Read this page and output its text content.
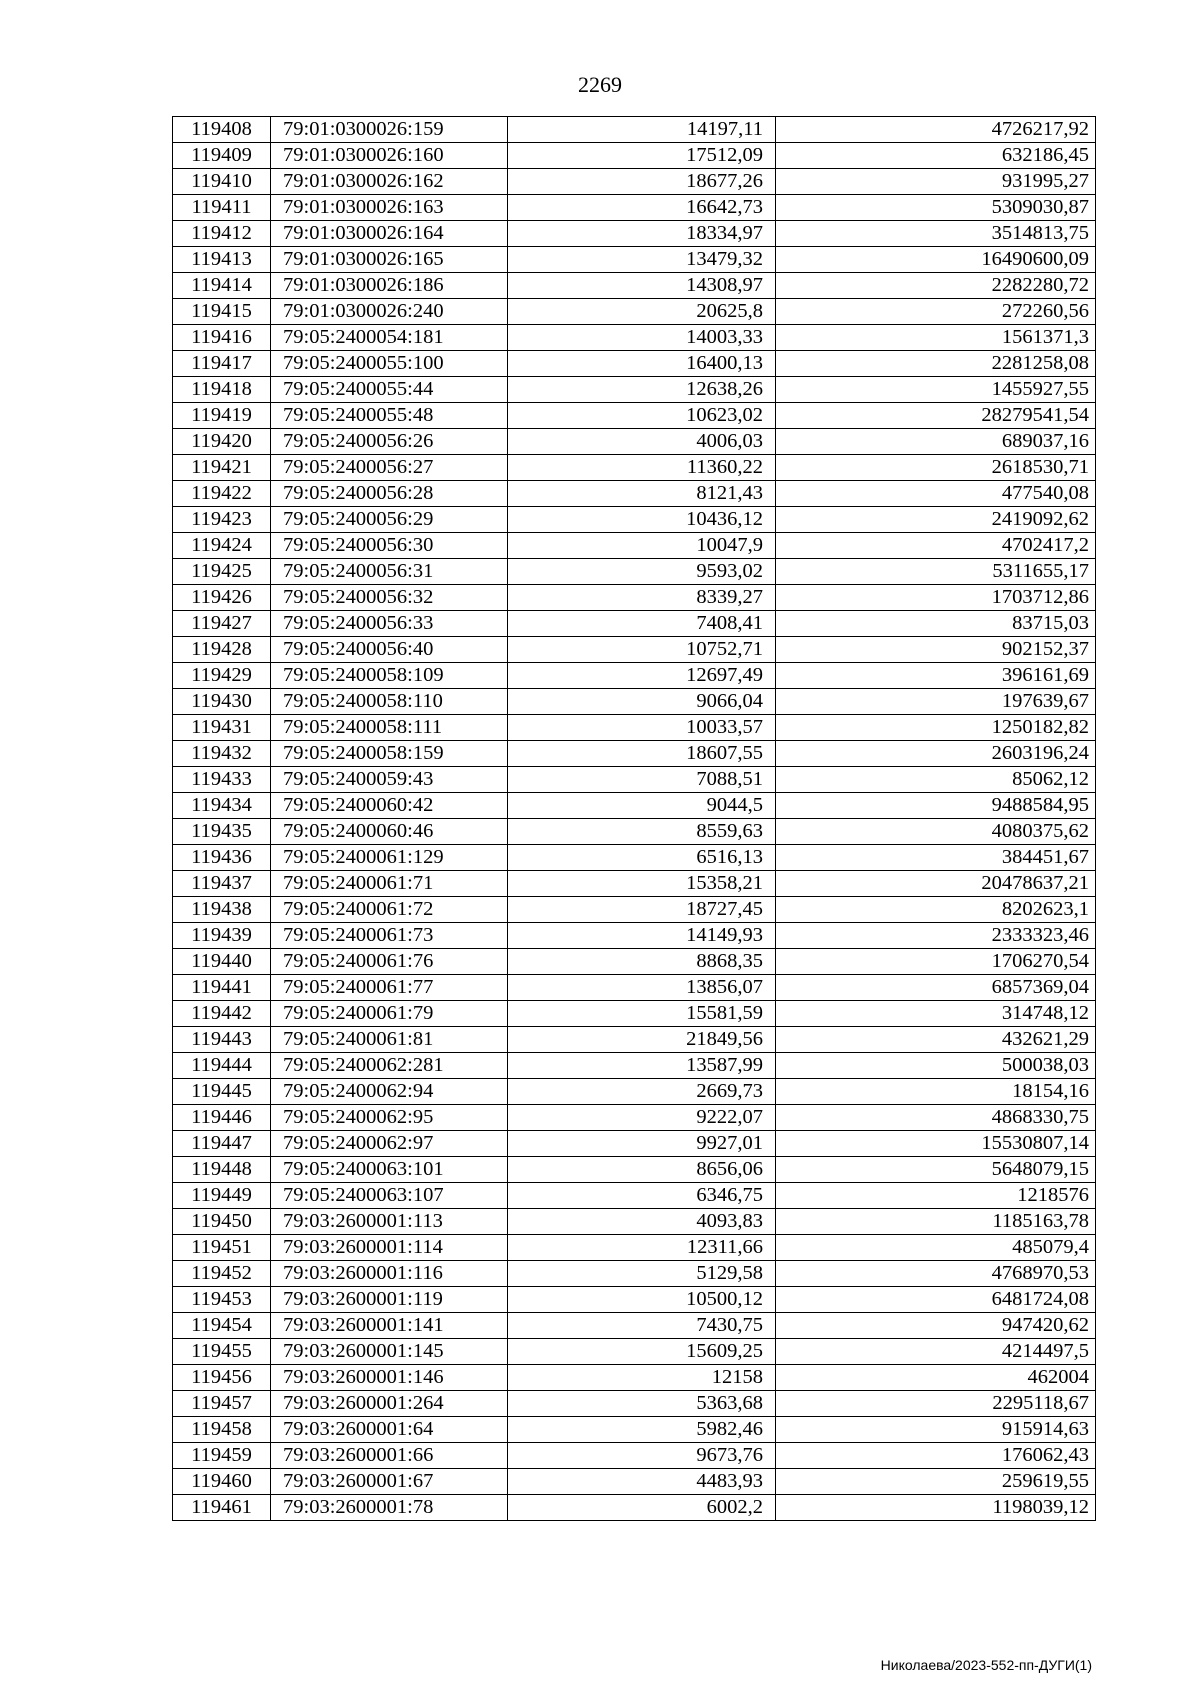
2269
119408	79:01:0300026:159	14197,11	4726217,92
119409	79:01:0300026:160	17512,09	632186,45
119410	79:01:0300026:162	18677,26	931995,27
119411	79:01:0300026:163	16642,73	5309030,87
119412	79:01:0300026:164	18334,97	3514813,75
119413	79:01:0300026:165	13479,32	16490600,09
119414	79:01:0300026:186	14308,97	2282280,72
119415	79:01:0300026:240	20625,8	272260,56
119416	79:05:2400054:181	14003,33	1561371,3
119417	79:05:2400055:100	16400,13	2281258,08
119418	79:05:2400055:44	12638,26	1455927,55
119419	79:05:2400055:48	10623,02	28279541,54
119420	79:05:2400056:26	4006,03	689037,16
119421	79:05:2400056:27	11360,22	2618530,71
119422	79:05:2400056:28	8121,43	477540,08
119423	79:05:2400056:29	10436,12	2419092,62
119424	79:05:2400056:30	10047,9	4702417,2
119425	79:05:2400056:31	9593,02	5311655,17
119426	79:05:2400056:32	8339,27	1703712,86
119427	79:05:2400056:33	7408,41	83715,03
119428	79:05:2400056:40	10752,71	902152,37
119429	79:05:2400058:109	12697,49	396161,69
119430	79:05:2400058:110	9066,04	197639,67
119431	79:05:2400058:111	10033,57	1250182,82
119432	79:05:2400058:159	18607,55	2603196,24
119433	79:05:2400059:43	7088,51	85062,12
119434	79:05:2400060:42	9044,5	9488584,95
119435	79:05:2400060:46	8559,63	4080375,62
119436	79:05:2400061:129	6516,13	384451,67
119437	79:05:2400061:71	15358,21	20478637,21
119438	79:05:2400061:72	18727,45	8202623,1
119439	79:05:2400061:73	14149,93	2333323,46
119440	79:05:2400061:76	8868,35	1706270,54
119441	79:05:2400061:77	13856,07	6857369,04
119442	79:05:2400061:79	15581,59	314748,12
119443	79:05:2400061:81	21849,56	432621,29
119444	79:05:2400062:281	13587,99	500038,03
119445	79:05:2400062:94	2669,73	18154,16
119446	79:05:2400062:95	9222,07	4868330,75
119447	79:05:2400062:97	9927,01	15530807,14
119448	79:05:2400063:101	8656,06	5648079,15
119449	79:05:2400063:107	6346,75	1218576
119450	79:03:2600001:113	4093,83	1185163,78
119451	79:03:2600001:114	12311,66	485079,4
119452	79:03:2600001:116	5129,58	4768970,53
119453	79:03:2600001:119	10500,12	6481724,08
119454	79:03:2600001:141	7430,75	947420,62
119455	79:03:2600001:145	15609,25	4214497,5
119456	79:03:2600001:146	12158	462004
119457	79:03:2600001:264	5363,68	2295118,67
119458	79:03:2600001:64	5982,46	915914,63
119459	79:03:2600001:66	9673,76	176062,43
119460	79:03:2600001:67	4483,93	259619,55
119461	79:03:2600001:78	6002,2	1198039,12
Николаева/2023-552-пп-ДУГИ(1)
